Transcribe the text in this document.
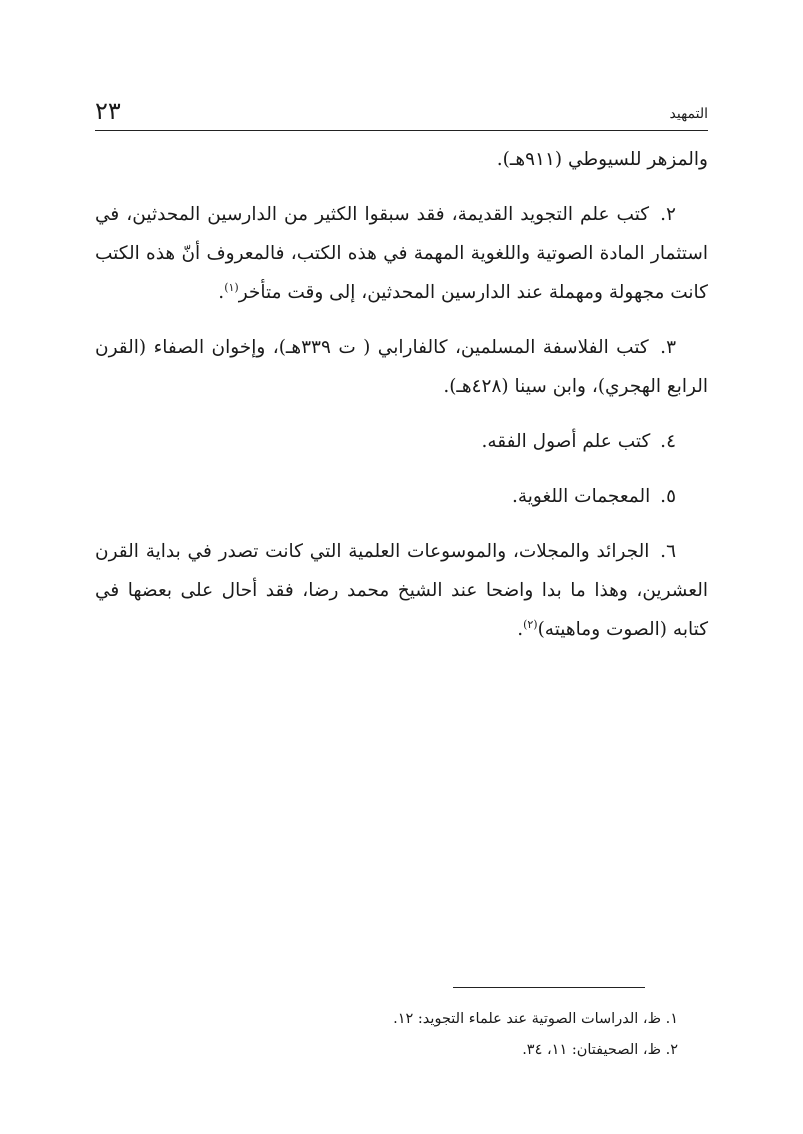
التمهيد
٢٣

والمزهر للسيوطي (٩١١هـ).

٢. كتب علم التجويد القديمة، فقد سبقوا الكثير من الدارسين المحدثين، في استثمار المادة الصوتية واللغوية المهمة في هذه الكتب، فالمعروف أنّ هذه الكتب كانت مجهولة ومهملة عند الدارسين المحدثين، إلى وقت متأخر$^{(١)}$.

٣. كتب الفلاسفة المسلمين، كالفارابي ( ت ٣٣٩هـ)، وإخوان الصفاء (القرن الرابع الهجري)، وابن سينا (٤٢٨هـ).

٤. كتب علم أصول الفقه.

٥. المعجمات اللغوية.

٦. الجرائد والمجلات، والموسوعات العلمية التي كانت تصدر في بداية القرن العشرين، وهذا ما بدا واضحا عند الشيخ محمد رضا، فقد أحال على بعضها في كتابه (الصوت وماهيته)$^{(٢)}$.

١. ظ، الدراسات الصوتية عند علماء التجويد: ١٢.

٢. ظ، الصحيفتان: ١١، ٣٤.
